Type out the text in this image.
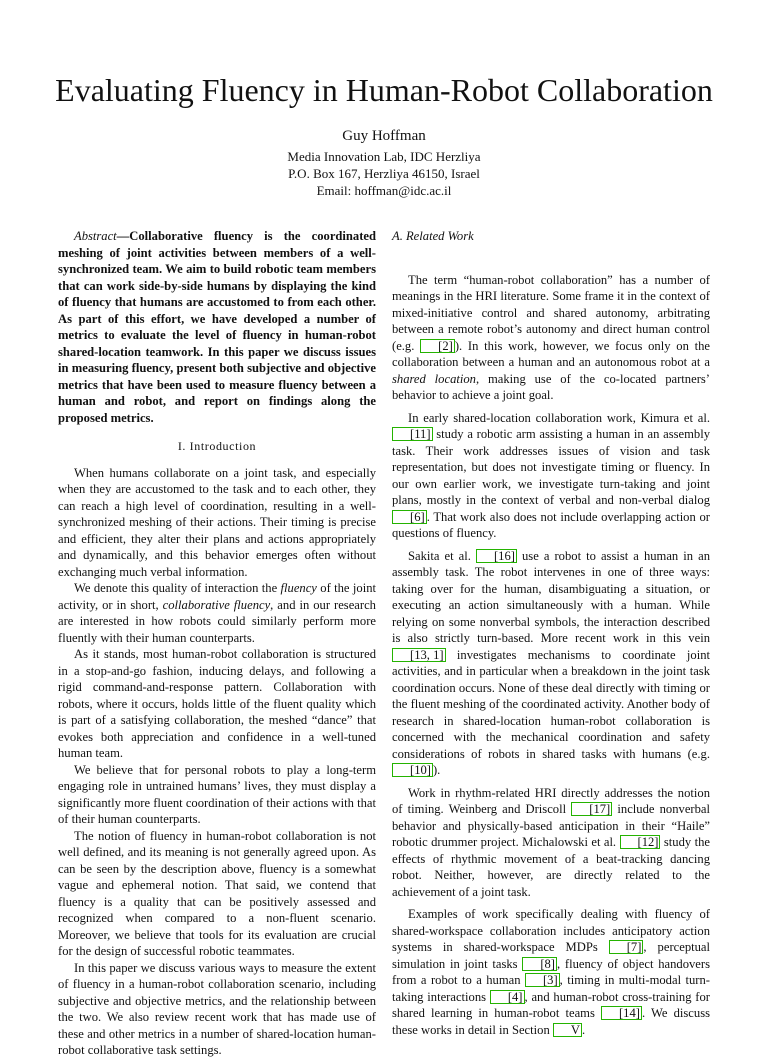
Evaluating Fluency in Human-Robot Collaboration
Guy Hoffman
Media Innovation Lab, IDC Herzliya
P.O. Box 167, Herzliya 46150, Israel
Email: hoffman@idc.ac.il

Abstract—Collaborative fluency is the coordinated meshing of joint activities between members of a well-synchronized team. We aim to build robotic team members that can work side-by-side humans by displaying the kind of fluency that humans are accustomed to from each other. As part of this effort, we have developed a number of metrics to evaluate the level of fluency in human-robot shared-location teamwork. In this paper we discuss issues in measuring fluency, present both subjective and objective metrics that have been used to measure fluency between a human and robot, and report on findings along the proposed metrics.

I. Introduction

When humans collaborate on a joint task, and especially when they are accustomed to the task and to each other, they can reach a high level of coordination, resulting in a well-synchronized meshing of their actions. Their timing is precise and efficient, they alter their plans and actions appropriately and dynamically, and this behavior emerges often without exchanging much verbal information.

We denote this quality of interaction the fluency of the joint activity, or in short, collaborative fluency, and in our research are interested in how robots could similarly perform more fluently with their human counterparts.

As it stands, most human-robot collaboration is structured in a stop-and-go fashion, inducing delays, and following a rigid command-and-response pattern. Collaboration with robots, where it occurs, holds little of the fluent quality which is part of a satisfying collaboration, the meshed “dance” that evokes both appreciation and confidence in a well-tuned human team.

We believe that for personal robots to play a long-term engaging role in untrained humans’ lives, they must display a significantly more fluent coordination of their actions with that of their human counterparts.

The notion of fluency in human-robot collaboration is not well defined, and its meaning is not generally agreed upon. As can be seen by the description above, fluency is a somewhat vague and ephemeral notion. That said, we contend that fluency is a quality that can be positively assessed and recognized when compared to a non-fluent scenario. Moreover, we believe that tools for its evaluation are crucial for the design of successful robotic teammates.

In this paper we discuss various ways to measure the extent of fluency in a human-robot collaboration scenario, including subjective and objective metrics, and the relationship between the two. We also review recent work that has made use of these and other metrics in a number of shared-location human-robot collaborative task settings.

A. Related Work

The term “human-robot collaboration” has a number of meanings in the HRI literature. Some frame it in the context of mixed-initiative control and shared autonomy, arbitrating between a remote robot’s autonomy and direct human control (e.g. [2] ). In this work, however, we focus only on the collaboration between a human and an autonomous robot at a shared location, making use of the co-located partners’ behavior to achieve a joint goal.

In early shared-location collaboration work, Kimura et al. [11] study a robotic arm assisting a human in an assembly task. Their work addresses issues of vision and task representation, but does not investigate timing or fluency. In our own earlier work, we investigate turn-taking and joint plans, mostly in the context of verbal and non-verbal dialog [6] . That work also does not include overlapping action or questions of fluency.

Sakita et al. [16] use a robot to assist a human in an assembly task. The robot intervenes in one of three ways: taking over for the human, disambiguating a situation, or executing an action simultaneously with a human. While relying on some nonverbal symbols, the interaction described is also strictly turn-based. More recent work in this vein [13, 1] investigates mechanisms to coordinate joint activities, and in particular when a breakdown in the joint task coordination occurs. None of these deal directly with timing or the fluent meshing of the coordinated activity. Another body of research in shared-location human-robot collaboration is concerned with the mechanical coordination and safety considerations of robots in shared tasks with humans (e.g. [10] ).

Work in rhythm-related HRI directly addresses the notion of timing. Weinberg and Driscoll [17] include nonverbal behavior and physically-based anticipation in their “Haile” robotic drummer project. Michalowski et al. [12] study the effects of rhythmic movement of a beat-tracking dancing robot. Neither, however, are directly related to the achievement of a joint task.

Examples of work specifically dealing with fluency of shared-workspace collaboration includes anticipatory action systems in shared-workspace MDPs [7] , perceptual simulation in joint tasks [8] , fluency of object handovers from a robot to a human [3] , timing in multi-modal turn-taking interactions [4] , and human-robot cross-training for shared learning in human-robot teams [14] . We discuss these works in detail in Section V .
